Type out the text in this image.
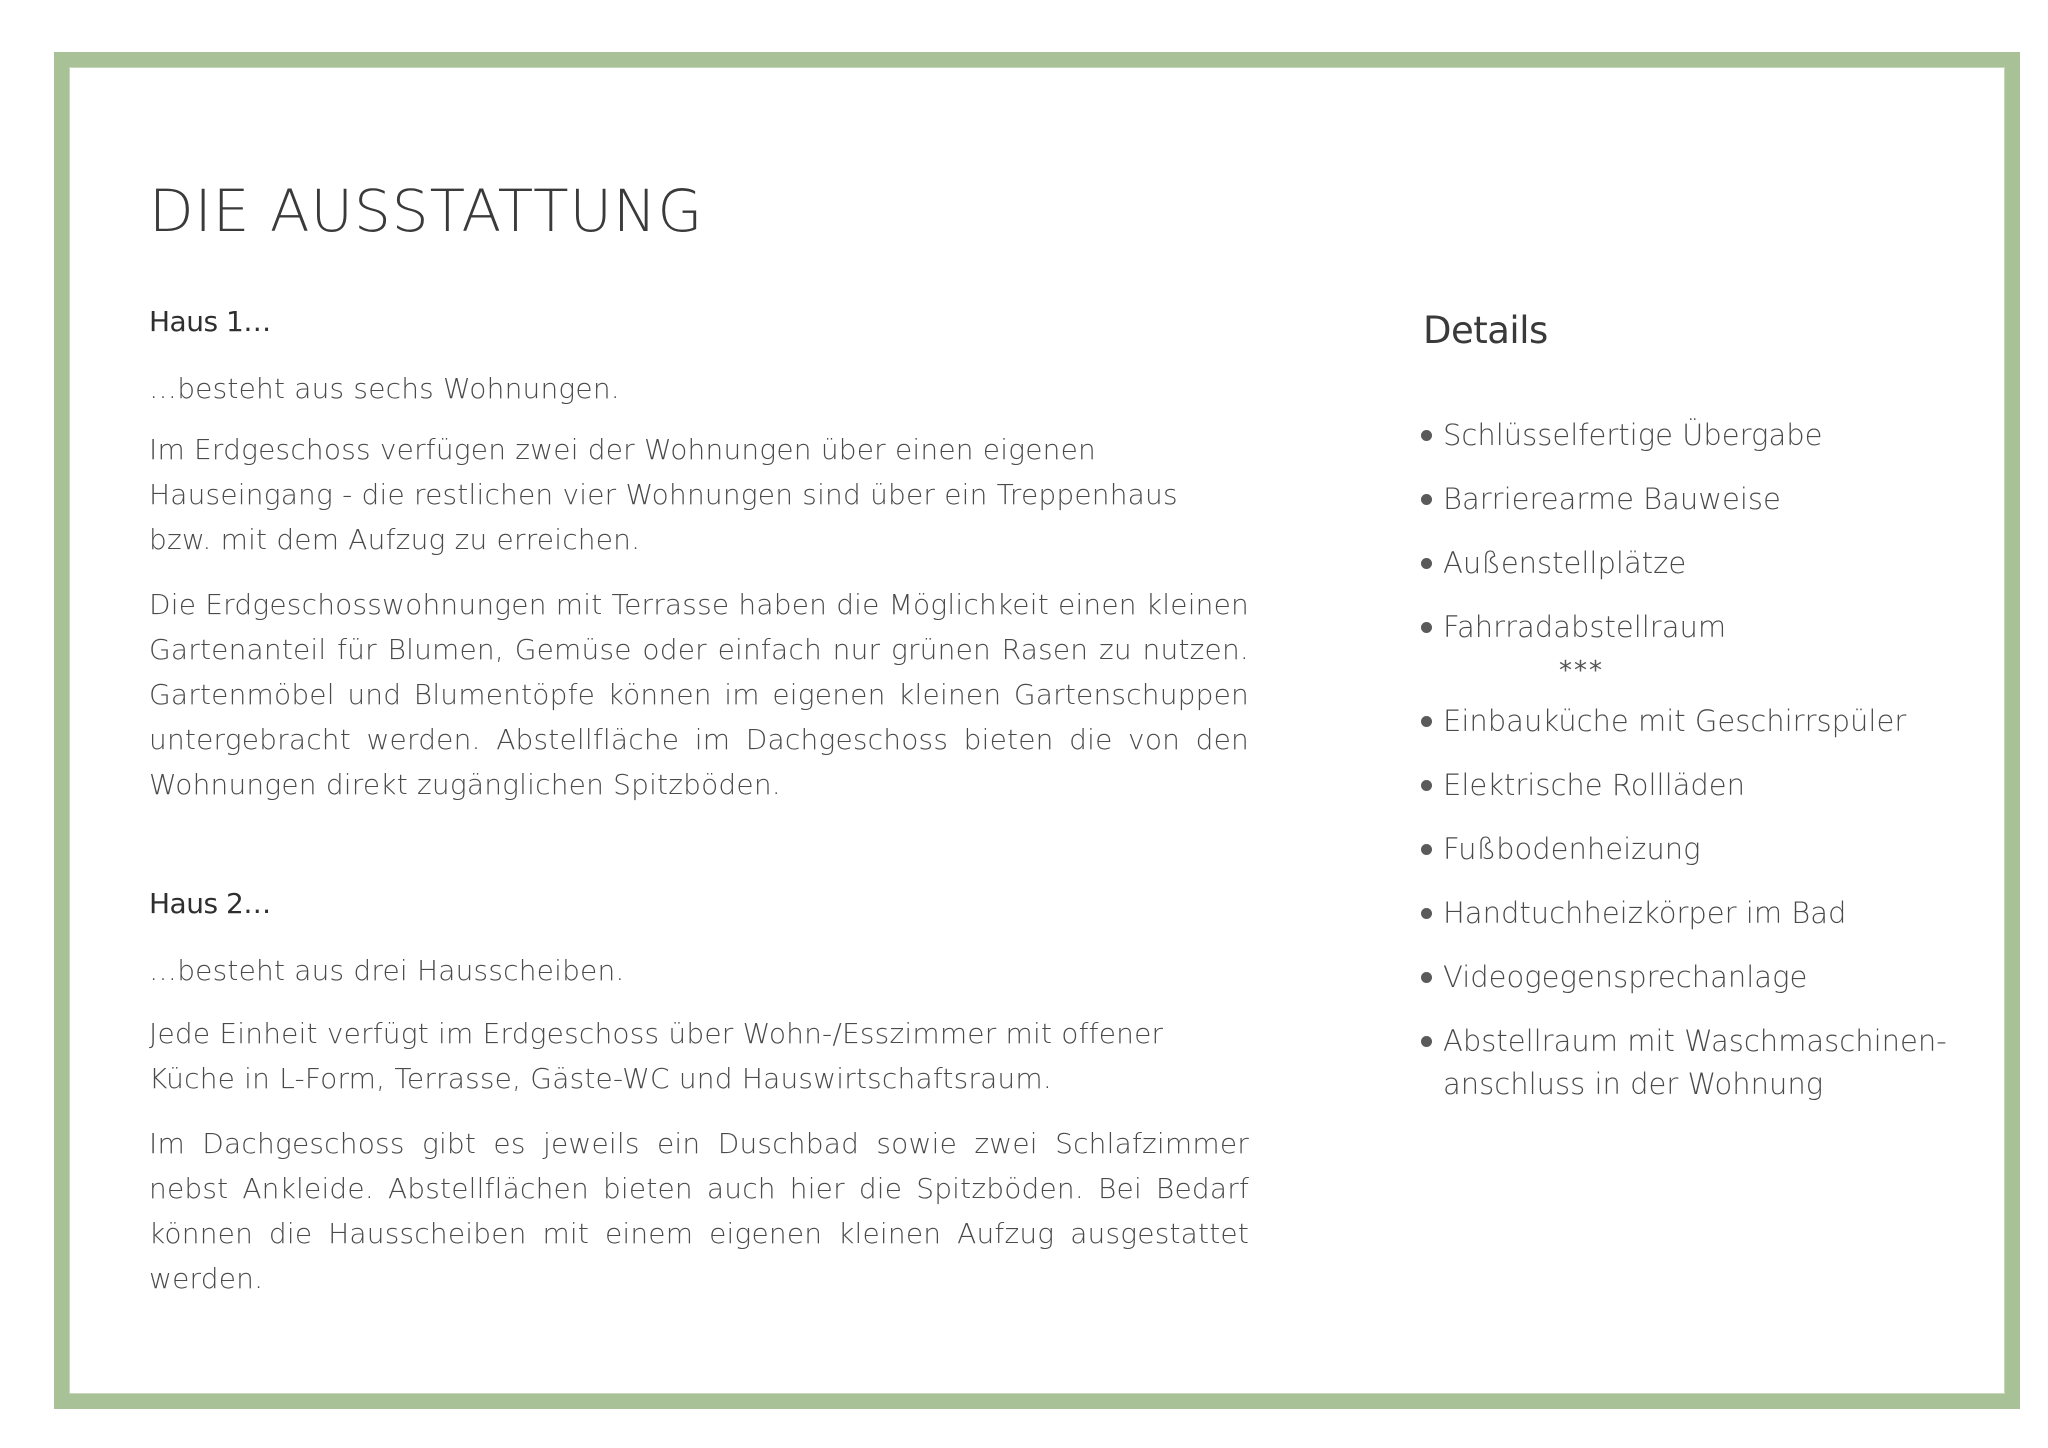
DIE AUSSTATTUNG
Haus 1…

…besteht aus sechs Wohnungen.

Im Erdgeschoss verfügen zwei der Wohnungen über einen eigenen Hauseingang - die restlichen vier Wohnungen sind über ein Treppenhaus bzw. mit dem Aufzug zu erreichen.

Die Erdgeschosswohnungen mit Terrasse haben die Möglichkeit einen kleinen Gartenanteil für Blumen, Gemüse oder einfach nur grünen Rasen zu nutzen. Gartenmöbel und Blumentöpfe können im eigenen kleinen Gartenschuppen untergebracht werden. Abstellfläche im Dachgeschoss bieten die von den Wohnungen direkt zugänglichen Spitzböden.

Haus 2…

…besteht aus drei Hausscheiben.

Jede Einheit verfügt im Erdgeschoss über Wohn-/Esszimmer mit offener Küche in L-Form, Terrasse, Gäste-WC und Hauswirtschaftsraum.

Im Dachgeschoss gibt es jeweils ein Duschbad sowie zwei Schlafzimmer nebst Ankleide. Abstellflächen bieten auch hier die Spitzböden. Bei Bedarf können die Hausscheiben mit einem eigenen kleinen Aufzug ausgestattet werden.

Details
Schlüsselfertige Übergabe
Barrierearme Bauweise
Außenstellplätze
Fahrradabstellraum
***
Einbauküche mit Geschirrspüler
Elektrische Rollläden
Fußbodenheizung
Handtuchheizkörper im Bad
Videogegensprechanlage
Abstellraum mit Waschmaschinen-anschluss in der Wohnung
